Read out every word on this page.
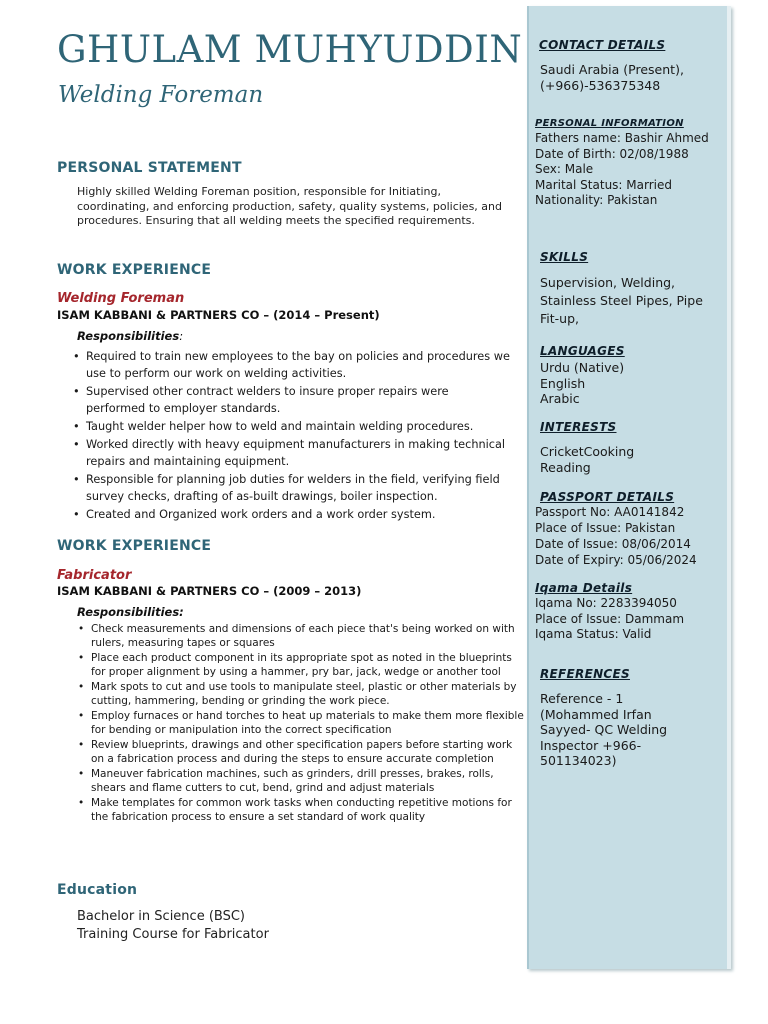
GHULAM MUHYUDDIN
Welding Foreman
PERSONAL STATEMENT
Highly skilled Welding Foreman position, responsible for Initiating, coordinating, and enforcing production, safety, quality systems, policies, and procedures. Ensuring that all welding meets the specified requirements.
WORK EXPERIENCE
Welding Foreman
ISAM KABBANI & PARTNERS CO – (2014 – Present)
Responsibilities:
• Required to train new employees to the bay on policies and procedures we use to perform our work on welding activities.
• Supervised other contract welders to insure proper repairs were performed to employer standards.
• Taught welder helper how to weld and maintain welding procedures.
• Worked directly with heavy equipment manufacturers in making technical repairs and maintaining equipment.
• Responsible for planning job duties for welders in the field, verifying field survey checks, drafting of as-built drawings, boiler inspection.
• Created and Organized work orders and a work order system.
WORK EXPERIENCE
Fabricator
ISAM KABBANI & PARTNERS CO – (2009 – 2013)
Responsibilities:
• Check measurements and dimensions of each piece that's being worked on with rulers, measuring tapes or squares
• Place each product component in its appropriate spot as noted in the blueprints for proper alignment by using a hammer, pry bar, jack, wedge or another tool
• Mark spots to cut and use tools to manipulate steel, plastic or other materials by cutting, hammering, bending or grinding the work piece.
• Employ furnaces or hand torches to heat up materials to make them more flexible for bending or manipulation into the correct specification
• Review blueprints, drawings and other specification papers before starting work on a fabrication process and during the steps to ensure accurate completion
• Maneuver fabrication machines, such as grinders, drill presses, brakes, rolls, shears and flame cutters to cut, bend, grind and adjust materials
• Make templates for common work tasks when conducting repetitive motions for the fabrication process to ensure a set standard of work quality
Education
Bachelor in Science (BSC)
Training Course for Fabricator
CONTACT DETAILS
Saudi Arabia (Present),
(+966)-536375348
PERSONAL INFORMATION
Fathers name: Bashir Ahmed
Date of Birth: 02/08/1988
Sex: Male
Marital Status: Married
Nationality: Pakistan
SKILLS
Supervision, Welding,
Stainless Steel Pipes, Pipe
Fit-up,
LANGUAGES
Urdu (Native)
English
Arabic
INTERESTS
CricketCooking
Reading
PASSPORT DETAILS
Passport No: AA0141842
Place of Issue: Pakistan
Date of Issue: 08/06/2014
Date of Expiry: 05/06/2024
Iqama Details
Iqama No: 2283394050
Place of Issue: Dammam
Iqama Status: Valid
REFERENCES
Reference - 1
(Mohammed Irfan
Sayyed- QC Welding
Inspector +966-
501134023)
